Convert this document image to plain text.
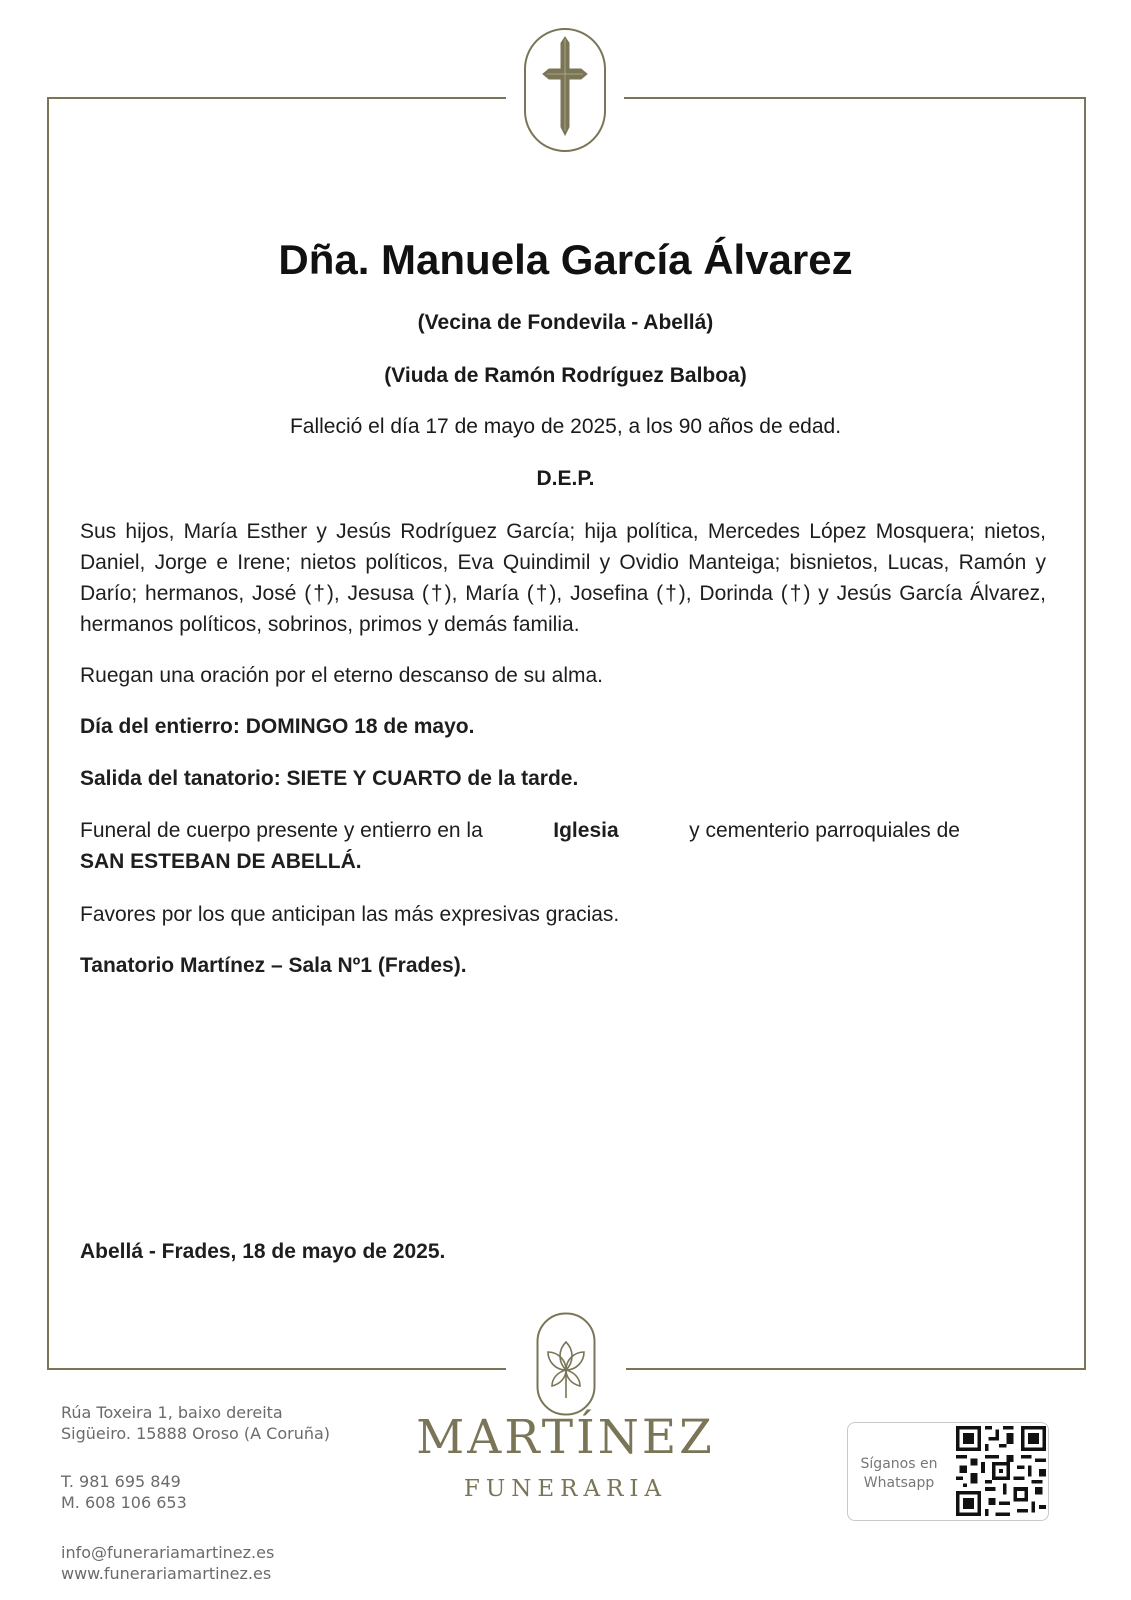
Dña. Manuela García Álvarez
(Vecina de Fondevila - Abellá)
(Viuda de Ramón Rodríguez Balboa)
Falleció el día 17 de mayo de 2025, a los 90 años de edad.
D.E.P.
Sus hijos, María Esther y Jesús Rodríguez García; hija política, Mercedes López Mosquera; nietos, Daniel, Jorge e Irene; nietos políticos, Eva Quindimil y Ovidio Manteiga; bisnietos, Lucas, Ramón y Darío; hermanos, José (†), Jesusa (†), María (†), Josefina (†), Dorinda (†) y Jesús García Álvarez, hermanos políticos, sobrinos, primos y demás familia.
Ruegan una oración por el eterno descanso de su alma.
Día del entierro: DOMINGO 18 de mayo.
Salida del tanatorio: SIETE Y CUARTO de la tarde.
Funeral de cuerpo presente y entierro en la	Iglesia	y cementerio parroquiales de
SAN ESTEBAN DE ABELLÁ.
Favores por los que anticipan las más expresivas gracias.
Tanatorio Martínez – Sala Nº1 (Frades).
Abellá - Frades, 18 de mayo de 2025.
Rúa Toxeira 1, baixo dereita
Sigüeiro. 15888 Oroso (A Coruña)
T. 981 695 849
M. 608 106 653
info@funerariamartinez.es
www.funerariamartinez.es
MARTÍNEZ
FUNERARIA
Síganos en
Whatsapp
